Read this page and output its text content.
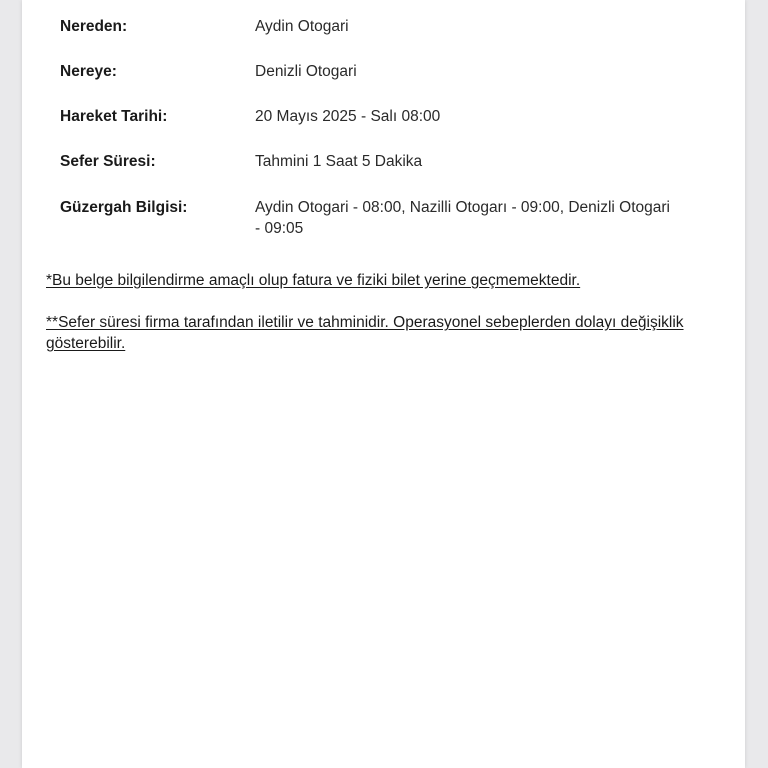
Nereden:	Aydin Otogari
Nereye:	Denizli Otogari
Hareket Tarihi:	20 Mayıs 2025 - Salı 08:00
Sefer Süresi:	Tahmini 1 Saat 5 Dakika
Güzergah Bilgisi:	Aydin Otogari - 08:00, Nazilli Otogarı - 09:00, Denizli Otogari - 09:05
*Bu belge bilgilendirme amaçlı olup fatura ve fiziki bilet yerine geçmemektedir.
**Sefer süresi firma tarafından iletilir ve tahminidir. Operasyonel sebeplerden dolayı değişiklik gösterebilir.
